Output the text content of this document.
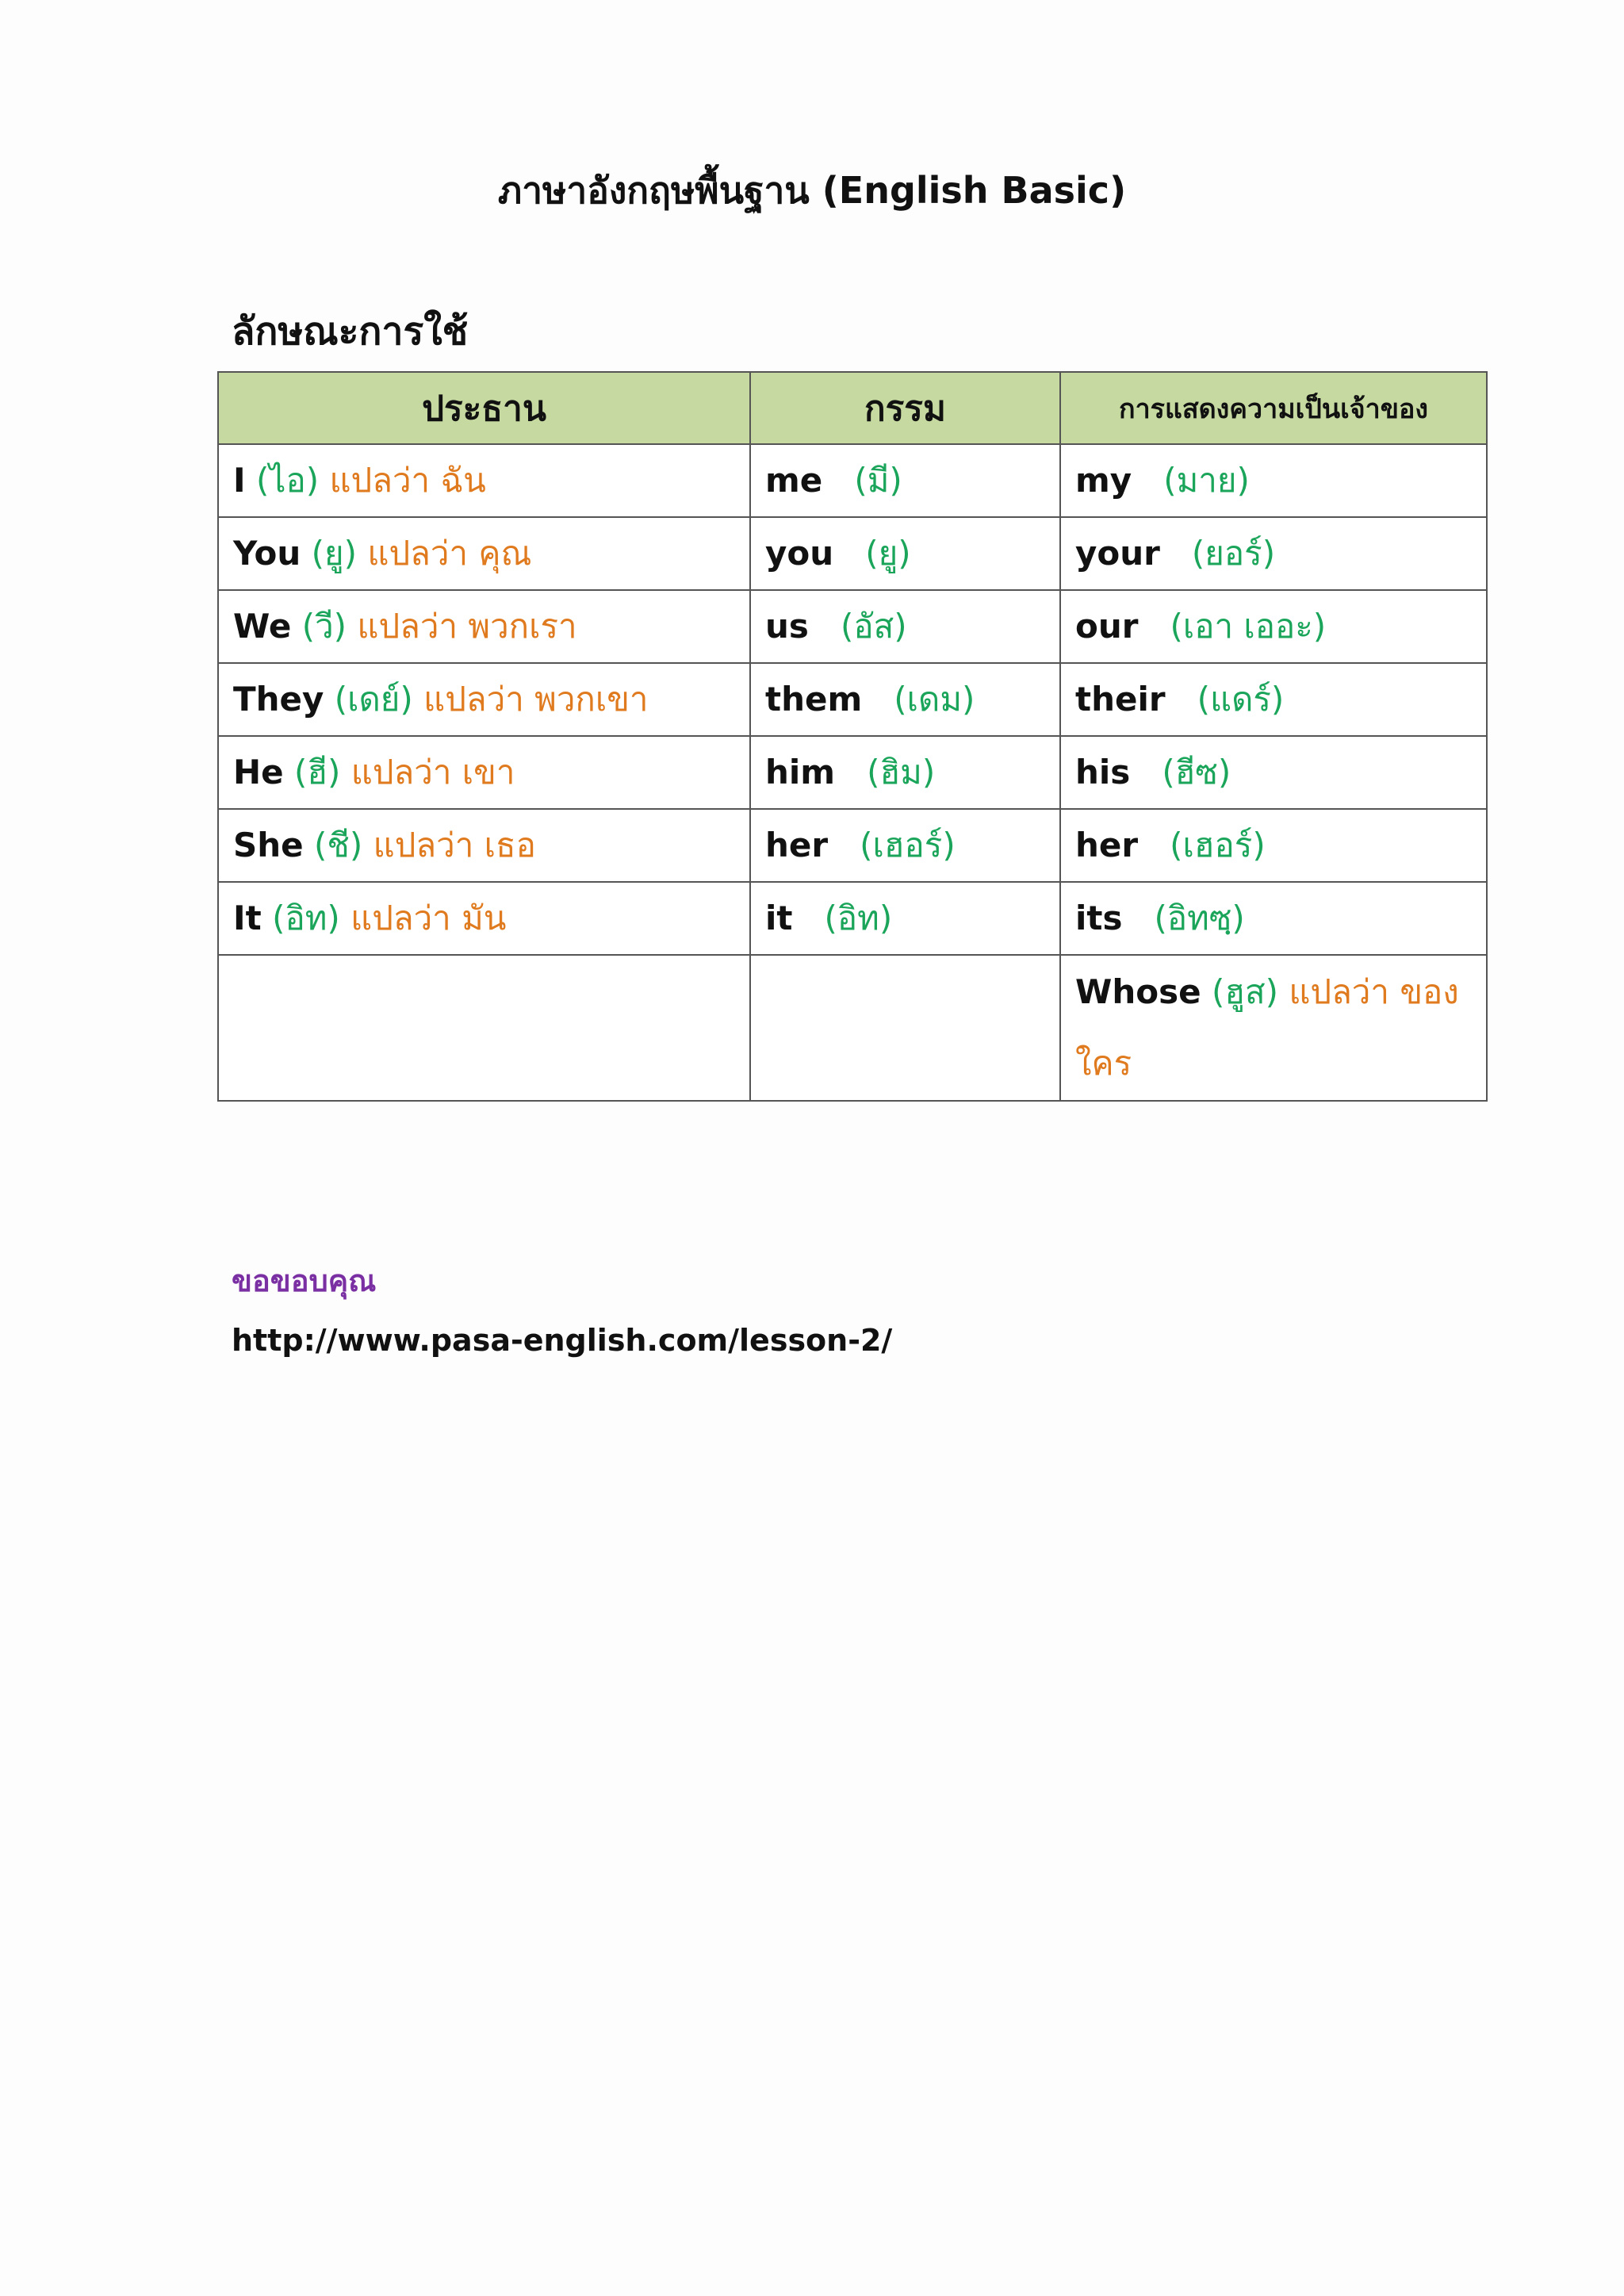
ภาษาอังกฤษพื้นฐาน (English Basic)
ลักษณะการใช้
ประธาน	กรรม	การแสดงความเป็นเจ้าของ
I (ไอ) แปลว่า ฉัน	me (มี)	my (มาย)
You (ยู) แปลว่า คุณ	you (ยู)	your (ยอร์)
We (วี) แปลว่า พวกเรา	us (อัส)	our (เอา เออะ)
They (เดย์) แปลว่า พวกเขา	them (เดม)	their (แดร์)
He (ฮี) แปลว่า เขา	him (ฮิม)	his (ฮีซ)
She (ชี) แปลว่า เธอ	her (เฮอร์)	her (เฮอร์)
It (อิท) แปลว่า มัน	it (อิท)	its (อิทซฺ)
		Whose (ฮูส) แปลว่า ของใคร
ขอขอบคุณ
http://www.pasa-english.com/lesson-2/
